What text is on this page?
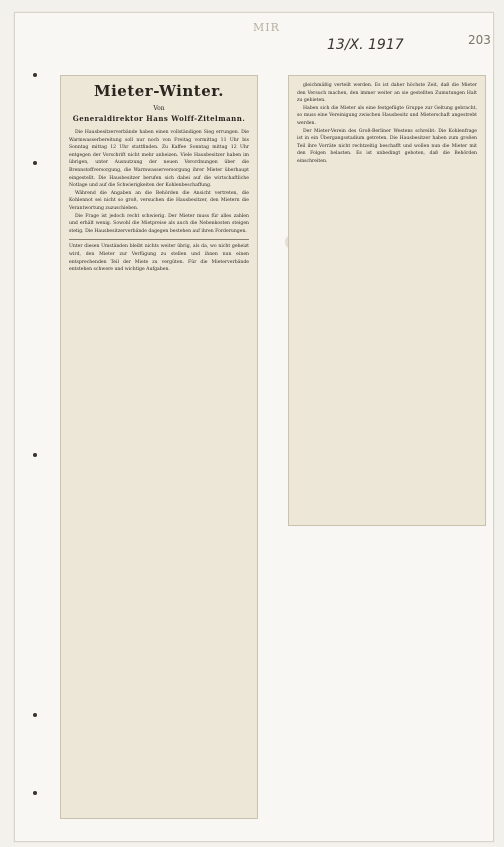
MIR
13/X. 1917	203
Mieter-Winter.
Von
Generaldirektor Hans Wolff-Zitelmann.

Die Hausbesitzerverbände haben einen vollständigen Sieg errungen. Die Warmwasserbereitung soll nur noch von Freitag vormittag 11 Uhr bis Sonntag mittag 12 Uhr stattfinden. Zu Kaffee Sonntag mittag 12 Uhr entgegen der Vorschrift nicht mehr anheizen. Viele Hausbesitzer haben im übrigen, unter Ausnutzung der neuen Verordnungen über die Brennstoffversorgung, die Warmwasserversorgung ihrer Mieter überhaupt eingestellt. Die Hausbesitzer berufen sich dabei auf die wirtschaftliche Notlage und auf die Schwierigkeiten der Kohlenbeschaffung.

Während die Angaben an die Behörden die Ansicht vertreten, die Kohlennot sei nicht so groß, versuchen die Hausbesitzer, den Mietern die Verantwortung zuzuschieben.

Die Frage ist jedoch recht schwierig. Der Mieter muss für alles zahlen und erhält wenig. Sowohl die Mietpreise als auch die Nebenkosten steigen stetig. Die Hausbesitzerverbände dagegen bestehen auf ihren Forderungen.

Unter diesen Umständen bleibt nichts weiter übrig, als da, wo nicht geheizt wird, den Mieter zur Verfügung zu stellen und ihnen nun einen entsprechenden Teil der Miete zu vergüten. Für die Mieterverbände entstehen schwere und wichtige Aufgaben.

gleichmäßig verteilt werden. Es ist daher höchste Zeit, daß die Mieter den Versuch machen, den immer weiter an sie gestellten Zumutungen Halt zu gebieten.

Haben sich die Mieter als eine festgefügte Gruppe zur Geltung gebracht, so muss eine Vereinigung zwischen Hausbesitz und Mieterschaft angestrebt werden.

Der Mieter-Verein des Groß-Berliner Westens schreibt: Die Kohlenfrage ist in ein Übergangsstadium getreten. Die Hausbesitzer haben zum großen Teil ihre Vorräte nicht rechtzeitig beschafft und wollen nun die Mieter mit den Folgen belasten. Es ist unbedingt geboten, daß die Behörden einschreiten.
